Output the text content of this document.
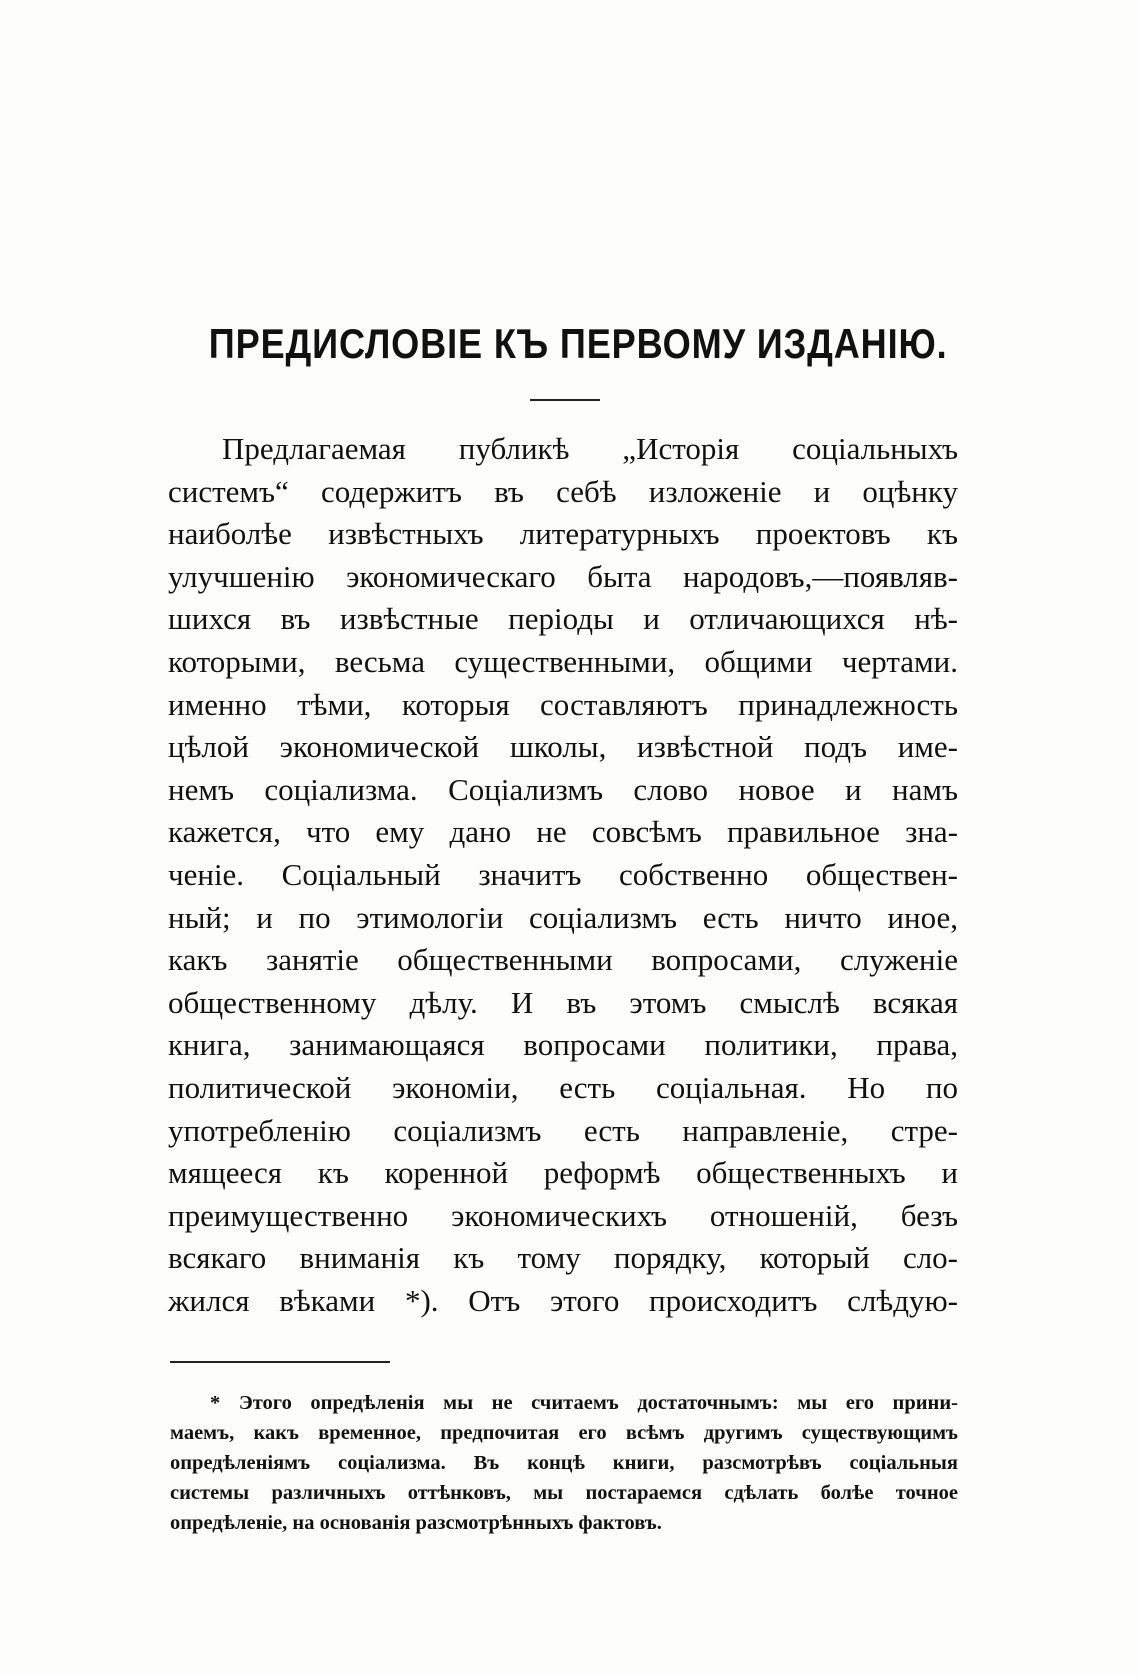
ПРЕДИСЛОВІЕ КЪ ПЕРВОМУ ИЗДАНІЮ.
Предлагаемая публикѣ „Исторія соціальныхъ
системъ“ содержитъ въ себѣ изложеніе и оцѣнку
наиболѣе извѣстныхъ литературныхъ проектовъ къ
улучшенію экономическаго быта народовъ,—появляв-
шихся въ извѣстные періоды и отличающихся нѣ-
которыми, весьма существенными, общими чертами.
именно тѣми, которыя составляютъ принадлежность
цѣлой экономической школы, извѣстной подъ име-
немъ соціализма. Соціализмъ слово новое и намъ
кажется, что ему дано не совсѣмъ правильное зна-
ченіе. Соціальный значитъ собственно обществен-
ный; и по этимологіи соціализмъ есть ничто иное,
какъ занятіе общественными вопросами, служеніе
общественному дѣлу. И въ этомъ смыслѣ всякая
книга, занимающаяся вопросами политики, права,
политической экономіи, есть соціальная. Но по
употребленію соціализмъ есть направленіе, стре-
мящееся къ коренной реформѣ общественныхъ и
преимущественно экономическихъ отношеній, безъ
всякаго вниманія къ тому порядку, который сло-
жился вѣками *). Отъ этого происходитъ слѣдую-
* Этого опредѣленія мы не считаемъ достаточнымъ: мы его прини-
маемъ, какъ временное, предпочитая его всѣмъ другимъ существующимъ
опредѣленіямъ соціализма. Въ концѣ книги, разсмотрѣвъ соціальныя
системы различныхъ оттѣнковъ, мы постараемся сдѣлать болѣе точное
опредѣленіе, на основанія разсмотрѣнныхъ фактовъ.
